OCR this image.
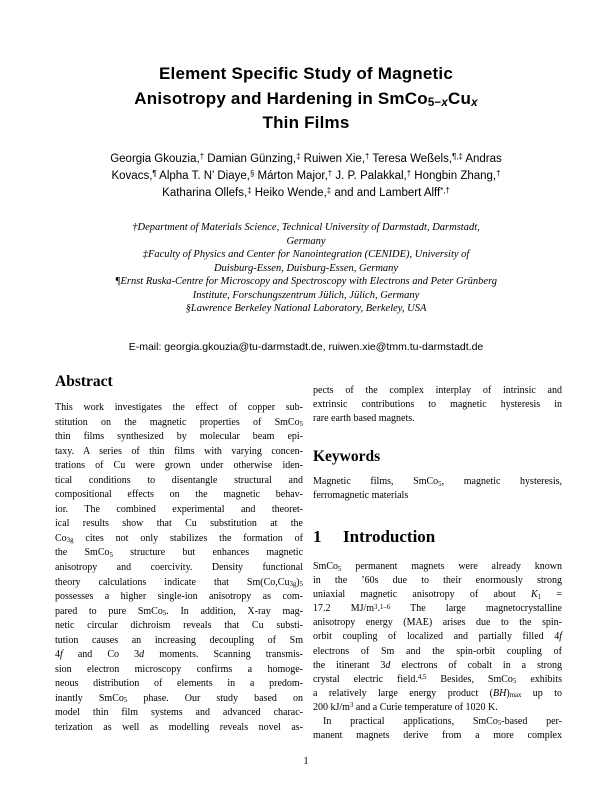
Element Specific Study of Magnetic
Anisotropy and Hardening in $SmCo_{5-x}Cu_x$
Thin Films
Georgia Gkouzia,† Damian Günzing,‡ Ruiwen Xie,† Teresa Weßels,¶,‡ Andras
Kovacs,¶ Alpha T. N’ Diaye,§ Márton Major,† J. P. Palakkal,† Hongbin Zhang,†
Katharina Ollefs,‡ Heiko Wende,‡ and and Lambert Alff*,†
†Department of Materials Science, Technical University of Darmstadt, Darmstadt,
Germany
‡Faculty of Physics and Center for Nanointegration (CENIDE), University of
Duisburg-Essen, Duisburg-Essen, Germany
¶Ernst Ruska-Centre for Microscopy and Spectroscopy with Electrons and Peter Grünberg
Institute, Forschungszentrum Jülich, Jülich, Germany
§Lawrence Berkeley National Laboratory, Berkeley, USA
E-mail: georgia.gkouzia@tu-darmstadt.de, ruiwen.xie@tmm.tu-darmstadt.de
Abstract
This work investigates the effect of copper sub-
stitution on the magnetic properties of SmCo$_5$
thin films synthesized by molecular beam epi-
taxy. A series of thin films with varying concen-
trations of Cu were grown under otherwise iden-
tical conditions to disentangle structural and
compositional effects on the magnetic behav-
ior. The combined experimental and theoret-
ical results show that Cu substitution at the
$Co_{3g}$ cites not only stabilizes the formation of
the SmCo$_5$ structure but enhances magnetic
anisotropy and coercivity. Density functional
theory calculations indicate that $Sm(Co,Cu_{3g})_5$
possesses a higher single-ion anisotropy as com-
pared to pure SmCo$_5$. In addition, X-ray mag-
netic circular dichroism reveals that Cu substi-
tution causes an increasing decoupling of Sm
4f and Co 3d moments. Scanning transmis-
sion electron microscopy confirms a homoge-
neous distribution of elements in a predom-
inantly SmCo$_5$ phase. Our study based on
model thin film systems and advanced charac-
terization as well as modelling reveals novel as-
pects of the complex interplay of intrinsic and
extrinsic contributions to magnetic hysteresis in
rare earth based magnets.
Keywords
Magnetic films, SmCo$_5$, magnetic hysteresis,
ferromagnetic materials
1 Introduction
SmCo$_5$ permanent magnets were already known
in the ’60s due to their enormously strong
uniaxial magnetic anisotropy of about $K_1$ =
17.2 $MJ/m^3.^{1-6}$ The large magnetocrystalline
anisotropy energy (MAE) arises due to the spin-
orbit coupling of localized and partially filled 4f
electrons of Sm and the spin-orbit coupling of
the itinerant 3d electrons of cobalt in a strong
crystal electric field.$^{4,5}$ Besides, SmCo$_5$ exhibits
a relatively large energy product $(BH)_{max}$ up to
200 $kJ/m^3$ and a Curie temperature of 1020 K.
In practical applications, SmCo$_5$-based per-
manent magnets derive from a more complex
1
